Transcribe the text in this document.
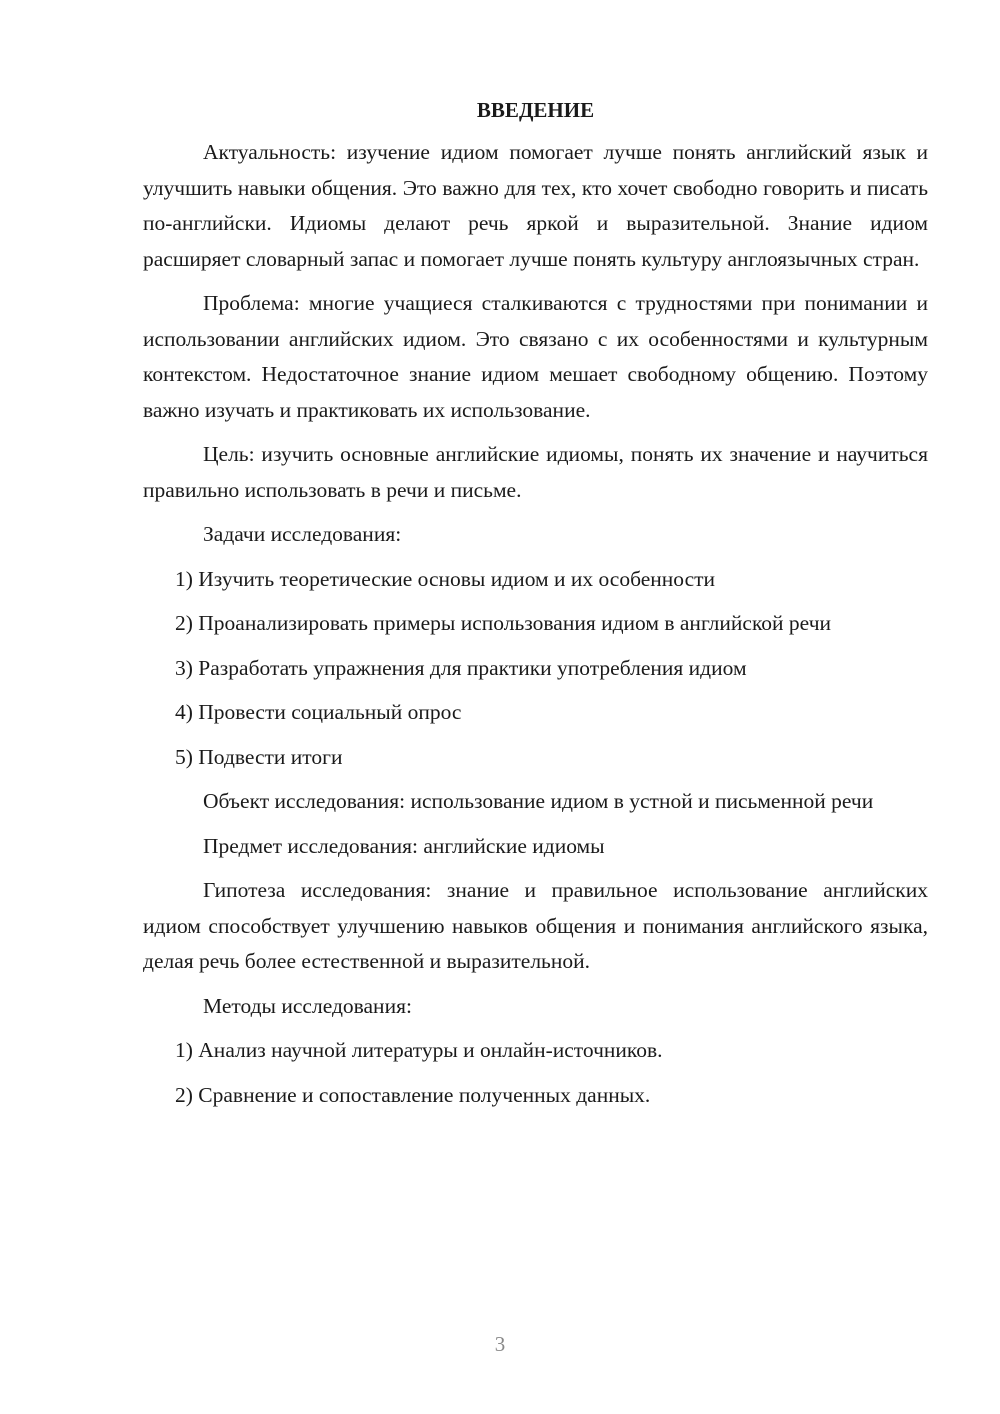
ВВЕДЕНИЕ

Актуальность: изучение идиом помогает лучше понять английский язык и улучшить навыки общения. Это важно для тех, кто хочет свободно говорить и писать по-английски. Идиомы делают речь яркой и выразительной. Знание идиом расширяет словарный запас и помогает лучше понять культуру англоязычных стран.

Проблема: многие учащиеся сталкиваются с трудностями при понимании и использовании английских идиом. Это связано с их особенностями и культурным контекстом. Недостаточное знание идиом мешает свободному общению. Поэтому важно изучать и практиковать их использование.

Цель: изучить основные английские идиомы, понять их значение и научиться правильно использовать в речи и письме.

Задачи исследования:

1) Изучить теоретические основы идиом и их особенности

2) Проанализировать примеры использования идиом в английской речи

3) Разработать упражнения для практики употребления идиом

4) Провести социальный опрос

5) Подвести итоги

Объект исследования: использование идиом в устной и письменной речи

Предмет исследования: английские идиомы

Гипотеза исследования: знание и правильное использование английских идиом способствует улучшению навыков общения и понимания английского языка, делая речь более естественной и выразительной.

Методы исследования:

1) Анализ научной литературы и онлайн-источников.

2) Сравнение и сопоставление полученных данных.

3
